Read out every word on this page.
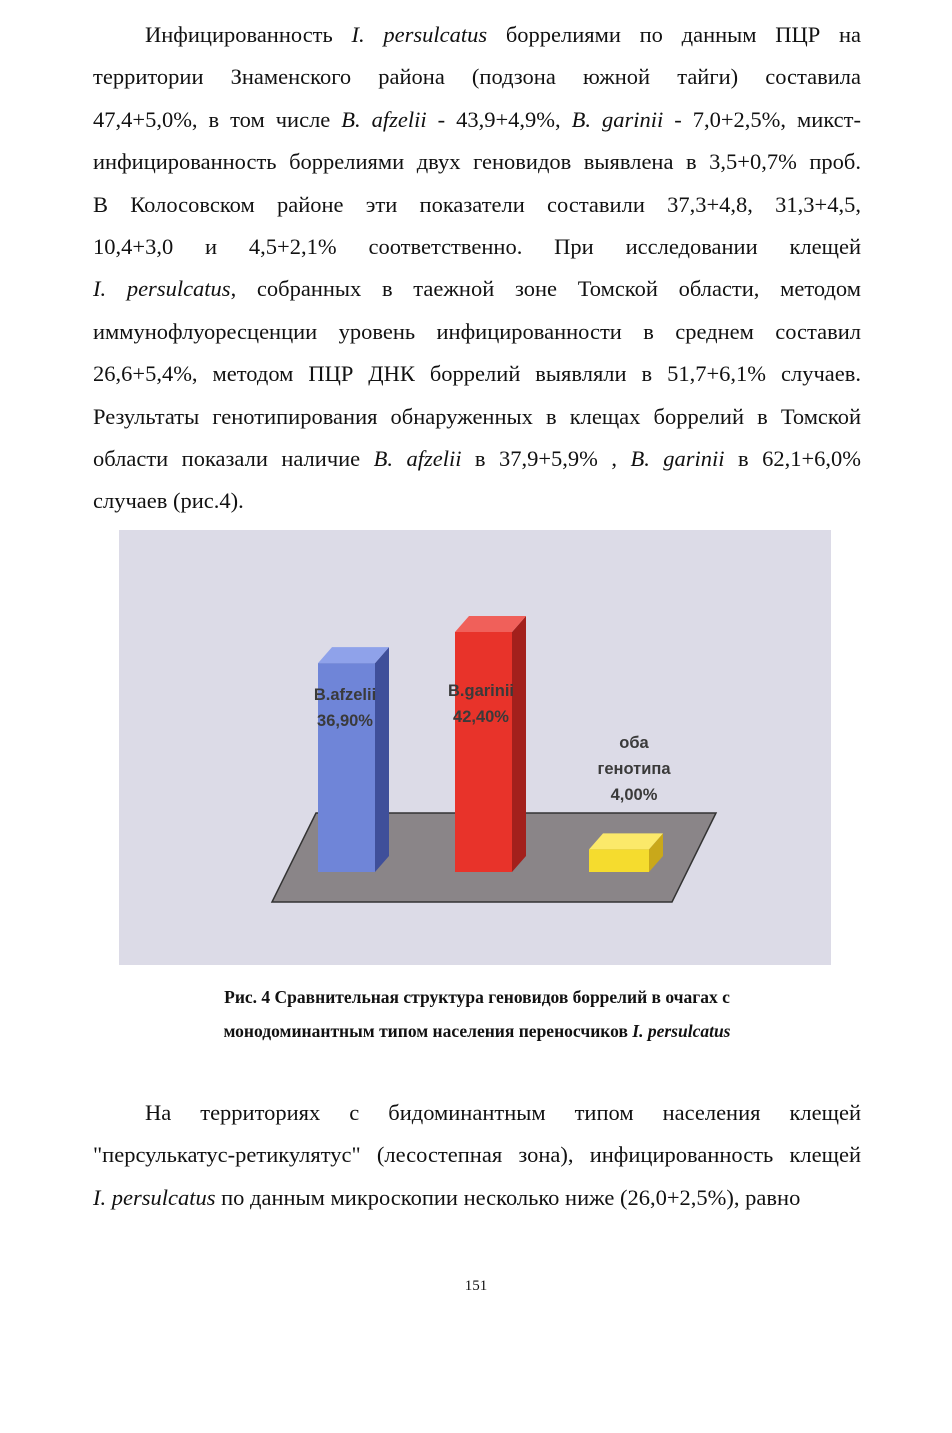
Инфицированность I. persulcatus боррелиями по данным ПЦР на
территории Знаменского района (подзона южной тайги) составила
47,4+5,0%, в том числе B. afzelii - 43,9+4,9%, B. garinii - 7,0+2,5%, микст-
инфицированность боррелиями двух геновидов выявлена в 3,5+0,7% проб.
В Колосовском районе эти показатели составили 37,3+4,8, 31,3+4,5,
10,4+3,0 и 4,5+2,1% соответственно. При исследовании клещей
I. persulcatus, собранных в таежной зоне Томской области, методом
иммунофлуоресценции уровень инфицированности в среднем составил
26,6+5,4%, методом ПЦР ДНК боррелий выявляли в 51,7+6,1% случаев.
Результаты генотипирования обнаруженных в клещах боррелий в Томской
области показали наличие B. afzelii в 37,9+5,9% , B. garinii в 62,1+6,0%
случаев (рис.4).
B.afzelii
36,90%
B.garinii
42,40%
оба
генотипа
4,00%
Рис. 4 Сравнительная структура геновидов боррелий в очагах с
монодоминантным типом населения переносчиков I. persulcatus
На территориях с бидоминантным типом населения клещей
"персулькатус-ретикулятус" (лесостепная зона), инфицированность клещей
I. persulcatus по данным микроскопии несколько ниже (26,0+2,5%), равно
151
